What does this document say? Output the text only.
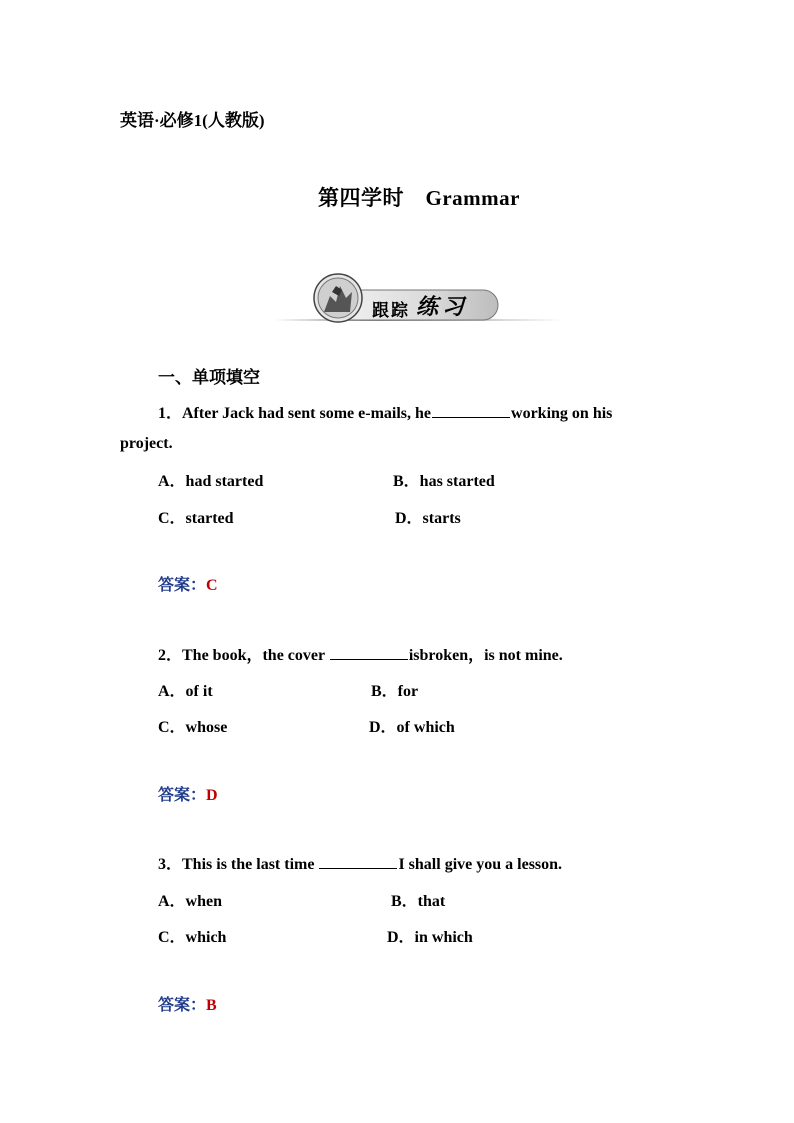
英语·必修1(人教版)
第四学时　Grammar
跟踪 练习
一、单项填空
1．After Jack had sent some e-mails, he	working on his
project.
A．had started	B．has started
C．started	D．starts
答案：C
2．The book，the cover	isbroken，is not mine.
A．of it	B．for
C．whose	D．of which
答案：D
3．This is the last time	I shall give you a lesson.
A．when	B．that
C．which	D．in which
答案：B
